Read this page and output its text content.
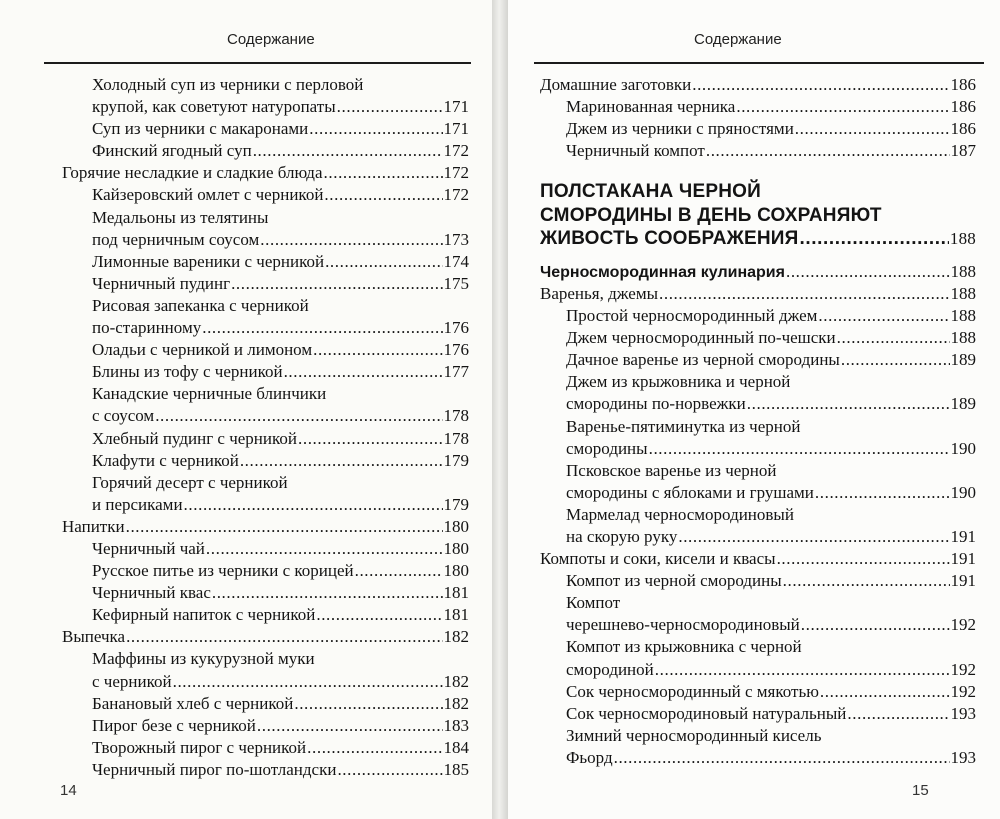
Содержание
Холодный суп из черники с перловой
крупой, как советуют натуропаты .....	171
Суп из черники с макаронами .....	171
Финский ягодный суп .....	172
Горячие несладкие и сладкие блюда .....	172
Кайзеровский омлет с черникой .....	172
Медальоны из телятины
под черничным соусом .....	173
Лимонные вареники с черникой .....	174
Черничный пудинг .....	175
Рисовая запеканка с черникой
по-старинному .....	176
Оладьи с черникой и лимоном .....	176
Блины из тофу с черникой .....	177
Канадские черничные блинчики
с соусом .....	178
Хлебный пудинг с черникой .....	178
Клафути с черникой .....	179
Горячий десерт с черникой
и персиками .....	179
Напитки .....	180
Черничный чай .....	180
Русское питье из черники с корицей .....	180
Черничный квас .....	181
Кефирный напиток с черникой .....	181
Выпечка .....	182
Маффины из кукурузной муки
с черникой .....	182
Банановый хлеб с черникой .....	182
Пирог безе с черникой .....	183
Творожный пирог с черникой .....	184
Черничный пирог по-шотландски .....	185
14
Содержание
Домашние заготовки .....	186
Маринованная черника .....	186
Джем из черники с пряностями .....	186
Черничный компот .....	187
ПОЛСТАКАНА ЧЕРНОЙ
СМОРОДИНЫ В ДЕНЬ СОХРАНЯЮТ
ЖИВОСТЬ СООБРАЖЕНИЯ .....	188
Черносмородинная кулинария .....	188
Варенья, джемы .....	188
Простой черносмородинный джем .....	188
Джем черносмородинный по-чешски .....	188
Дачное варенье из черной смородины .....	189
Джем из крыжовника и черной
смородины по-норвежки .....	189
Варенье-пятиминутка из черной
смородины .....	190
Псковское варенье из черной
смородины с яблоками и грушами .....	190
Мармелад черносмородиновый
на скорую руку .....	191
Компоты и соки, кисели и квасы .....	191
Компот из черной смородины .....	191
Компот
черешнево-черносмородиновый .....	192
Компот из крыжовника с черной
смородиной .....	192
Сок черносмородинный с мякотью .....	192
Сок черносмородиновый натуральный .....	193
Зимний черносмородинный кисель
Фьорд .....	193
15
